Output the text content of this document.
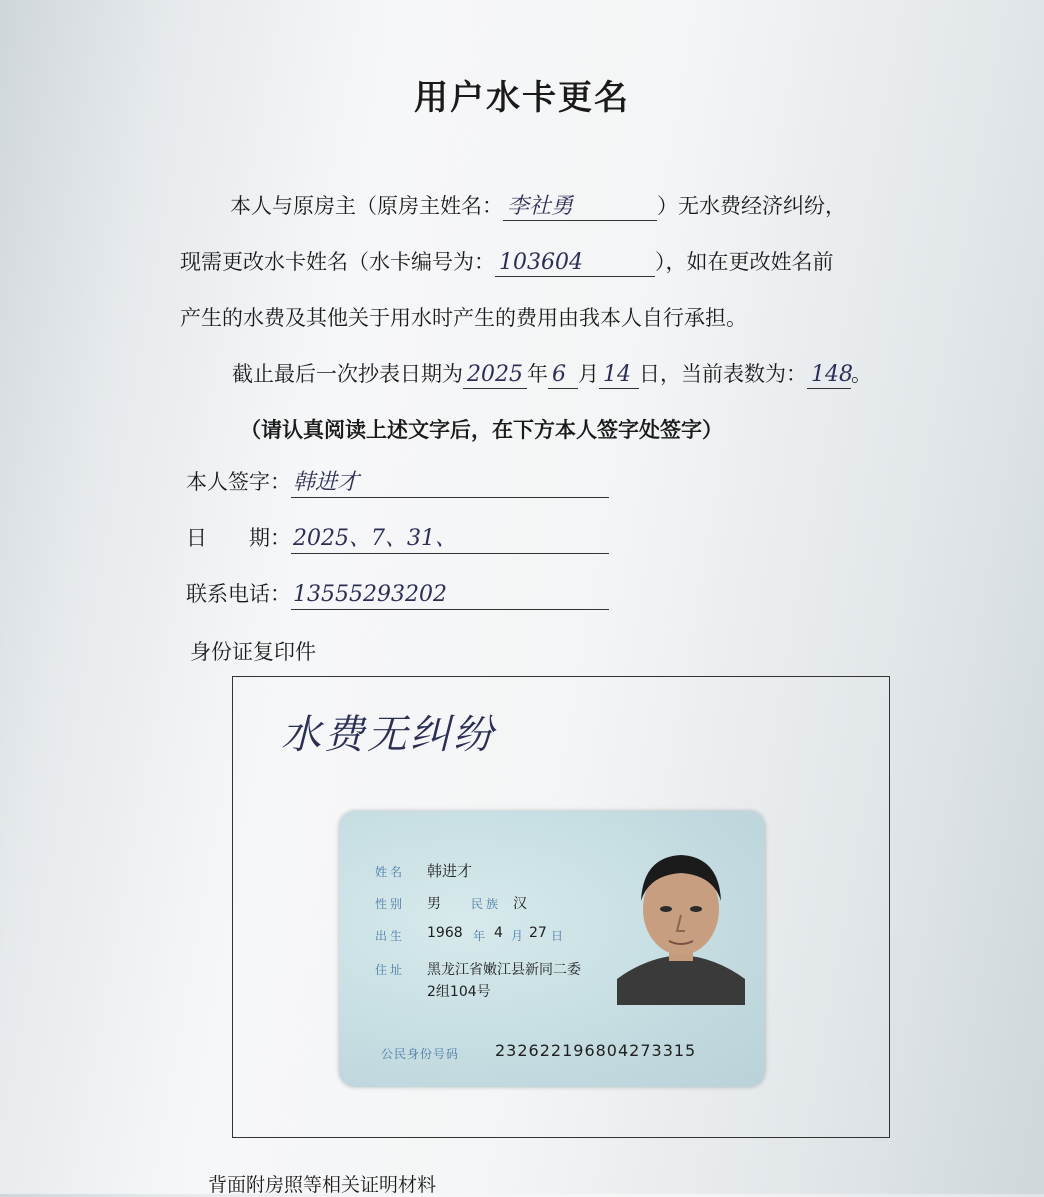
用户水卡更名
本人与原房主（原房主姓名： 李社勇	）无水费经济纠纷，
现需更改水卡姓名（水卡编号为： 103604	），如在更改姓名前
产生的水费及其他关于用水时产生的费用由我本人自行承担。
截止最后一次抄表日期为 2025 年 6 月 14 日，当前表数为： 148。
（请认真阅读上述文字后，在下方本人签字处签字）
本人签字：韩进才
日　　期：2025、7、31、
联系电话：13555293202
身份证复印件
水费无纠纷
姓名 韩进才
性别 男	民族 汉
出生 1968 年 4 月 27 日
住址 黑龙江省嫩江县新同二委
2组104号
公民身份号码 232622196804273315
背面附房照等相关证明材料
